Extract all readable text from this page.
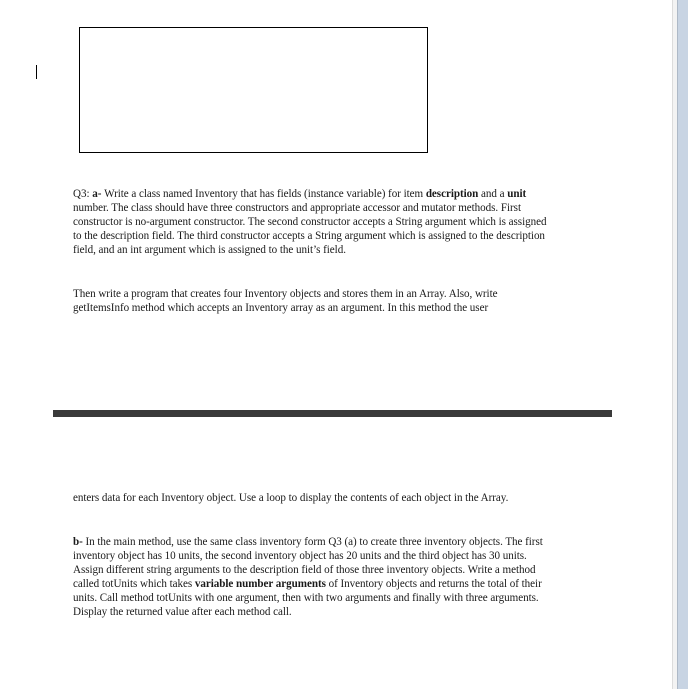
Q3: a- Write a class named Inventory that has fields (instance variable) for item description and a unit number. The class should have three constructors and appropriate accessor and mutator methods. First constructor is no-argument constructor. The second constructor accepts a String argument which is assigned to the description field. The third constructor accepts a String argument which is assigned to the description field, and an int argument which is assigned to the unit’s field.

Then write a program that creates four Inventory objects and stores them in an Array. Also, write getItemsInfo method which accepts an Inventory array as an argument. In this method the user

enters data for each Inventory object. Use a loop to display the contents of each object in the Array.

b- In the main method, use the same class inventory form Q3 (a) to create three inventory objects. The first inventory object has 10 units, the second inventory object has 20 units and the third object has 30 units. Assign different string arguments to the description field of those three inventory objects. Write a method called totUnits which takes variable number arguments of Inventory objects and returns the total of their units. Call method totUnits with one argument, then with two arguments and finally with three arguments. Display the returned value after each method call.
